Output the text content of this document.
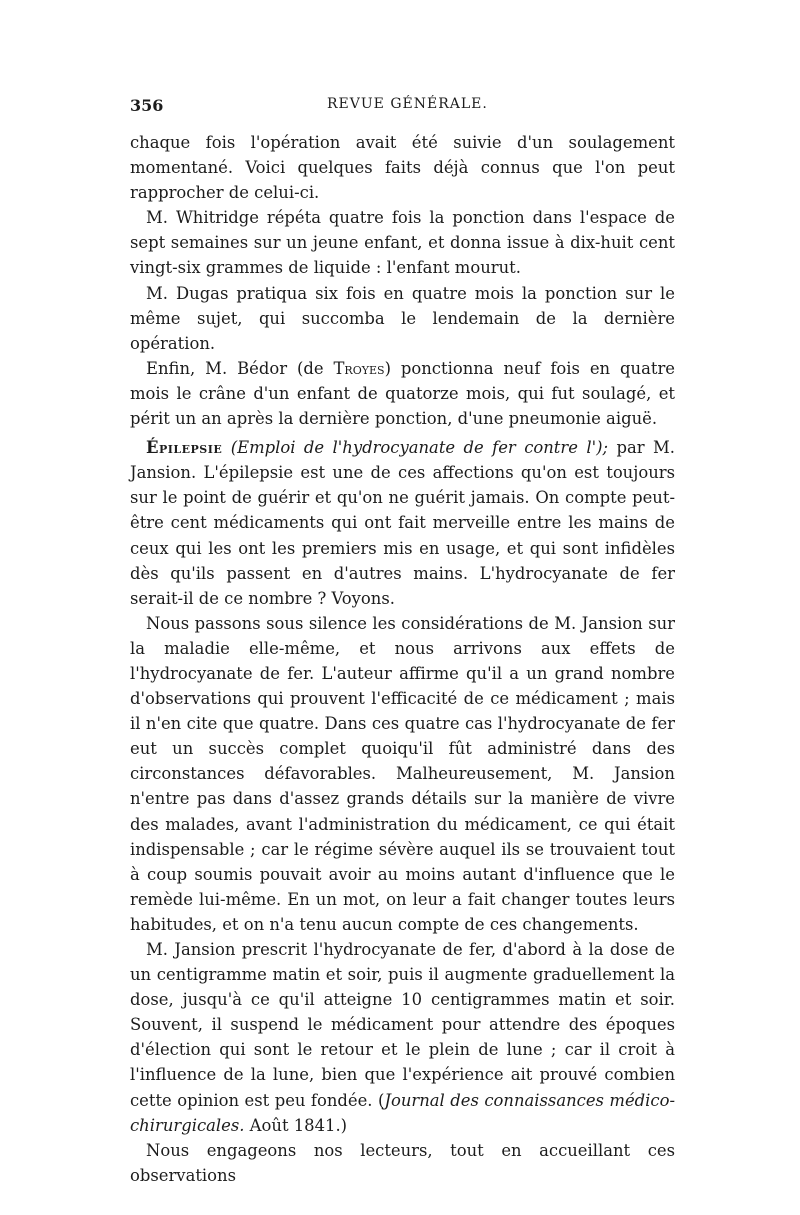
356	REVUE GÉNÉRALE.

chaque fois l'opération avait été suivie d'un soulagement momentané. Voici quelques faits déjà connus que l'on peut rapprocher de celui-ci.

M. Whitridge répéta quatre fois la ponction dans l'espace de sept semaines sur un jeune enfant, et donna issue à dix-huit cent vingt-six grammes de liquide : l'enfant mourut.

M. Dugas pratiqua six fois en quatre mois la ponction sur le même sujet, qui succomba le lendemain de la dernière opération.

Enfin, M. Bédor (de Troyes) ponctionna neuf fois en quatre mois le crâne d'un enfant de quatorze mois, qui fut soulagé, et périt un an après la dernière ponction, d'une pneumonie aiguë.

Épilepsie (Emploi de l'hydrocyanate de fer contre l'); par M. Jansion. L'épilepsie est une de ces affections qu'on est toujours sur le point de guérir et qu'on ne guérit jamais. On compte peut-être cent médicaments qui ont fait merveille entre les mains de ceux qui les ont les premiers mis en usage, et qui sont infidèles dès qu'ils passent en d'autres mains. L'hydrocyanate de fer serait-il de ce nombre ? Voyons.

Nous passons sous silence les considérations de M. Jansion sur la maladie elle-même, et nous arrivons aux effets de l'hydrocyanate de fer. L'auteur affirme qu'il a un grand nombre d'observations qui prouvent l'efficacité de ce médicament ; mais il n'en cite que quatre. Dans ces quatre cas l'hydrocyanate de fer eut un succès complet quoiqu'il fût administré dans des circonstances défavorables. Malheureusement, M. Jansion n'entre pas dans d'assez grands détails sur la manière de vivre des malades, avant l'administration du médicament, ce qui était indispensable ; car le régime sévère auquel ils se trouvaient tout à coup soumis pouvait avoir au moins autant d'influence que le remède lui-même. En un mot, on leur a fait changer toutes leurs habitudes, et on n'a tenu aucun compte de ces changements.

M. Jansion prescrit l'hydrocyanate de fer, d'abord à la dose de un centigramme matin et soir, puis il augmente graduellement la dose, jusqu'à ce qu'il atteigne 10 centigrammes matin et soir. Souvent, il suspend le médicament pour attendre des époques d'élection qui sont le retour et le plein de lune ; car il croit à l'influence de la lune, bien que l'expérience ait prouvé combien cette opinion est peu fondée. (Journal des connaissances médico-chirurgicales. Août 1841.)

Nous engageons nos lecteurs, tout en accueillant ces observations
